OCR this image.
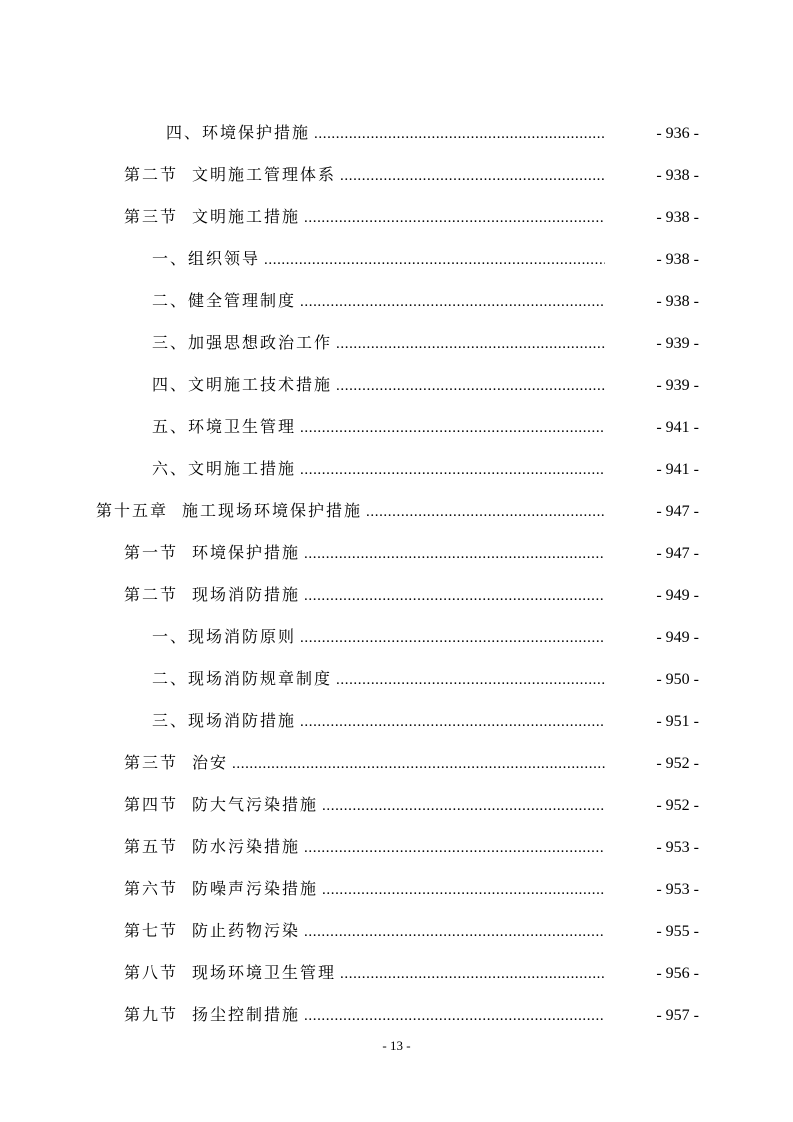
四、环境保护措施 .....	- 936 -
第二节 文明施工管理体系 .....	- 938 -
第三节 文明施工措施 .....	- 938 -
一、组织领导 .....	- 938 -
二、健全管理制度 .....	- 938 -
三、加强思想政治工作 .....	- 939 -
四、文明施工技术措施 .....	- 939 -
五、环境卫生管理 .....	- 941 -
六、文明施工措施 .....	- 941 -
第十五章 施工现场环境保护措施 .....	- 947 -
第一节 环境保护措施 .....	- 947 -
第二节 现场消防措施 .....	- 949 -
一、现场消防原则 .....	- 949 -
二、现场消防规章制度 .....	- 950 -
三、现场消防措施 .....	- 951 -
第三节 治安 .....	- 952 -
第四节 防大气污染措施 .....	- 952 -
第五节 防水污染措施 .....	- 953 -
第六节 防噪声污染措施 .....	- 953 -
第七节 防止药物污染 .....	- 955 -
第八节 现场环境卫生管理 .....	- 956 -
第九节 扬尘控制措施 .....	- 957 -
- 13 -
